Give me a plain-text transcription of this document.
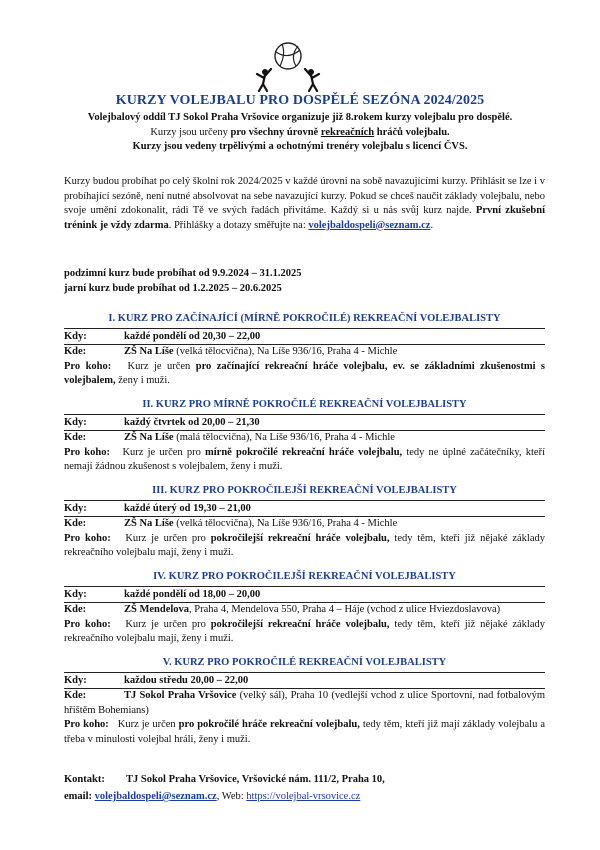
KURZY VOLEJBALU PRO DOSPĚLÉ SEZÓNA 2024/2025
Volejbalový oddíl TJ Sokol Praha Vršovice organizuje již 8.rokem kurzy volejbalu pro dospělé.
Kurzy jsou určeny pro všechny úrovně rekreačních hráčů volejbalu.
Kurzy jsou vedeny trpělivými a ochotnými trenéry volejbalu s licencí ČVS.
Kurzy budou probíhat po celý školní rok 2024/2025 v každé úrovni na sobě navazujícími kurzy. Přihlásit se lze i v probíhající sezóně, není nutné absolvovat na sebe navazující kurzy. Pokud se chceš naučit základy volejbalu, nebo svoje umění zdokonalit, rádi Tě ve svých řadách přivítáme. Každý si u nás svůj kurz najde. První zkušební trénink je vždy zdarma. Přihlášky a dotazy směřujte na: volejbaldospeli@seznam.cz.
podzimní kurz bude probíhat od 9.9.2024 – 31.1.2025
jarní kurz bude probíhat od 1.2.2025 – 20.6.2025
I. KURZ PRO ZAČÍNAJÍCÍ (MÍRNĚ POKROČILÉ) REKREAČNÍ VOLEJBALISTY
Kdy:	každé pondělí od 20,30 – 22,00
Kde:	ZŠ Na Líše (velká tělocvična), Na Líše 936/16, Praha 4 - Michle
Pro koho: Kurz je určen pro začínající rekreační hráče volejbalu, ev. se základními zkušenostmi s volejbalem, ženy i muži.
II. KURZ PRO MÍRNĚ POKROČILÉ REKREAČNÍ VOLEJBALISTY
Kdy:	každý čtvrtek od 20,00 – 21,30
Kde:	ZŠ Na Líše (malá tělocvična), Na Líše 936/16, Praha 4 - Michle
Pro koho: Kurz je určen pro mírně pokročilé rekreační hráče volejbalu, tedy ne úplné začátečníky, kteří nemají žádnou zkušenost s volejbalem, ženy i muži.
III. KURZ PRO POKROČILEJŠÍ REKREAČNÍ VOLEJBALISTY
Kdy:	každé úterý od 19,30 – 21,00
Kde:	ZŠ Na Líše (velká tělocvična), Na Líše 936/16, Praha 4 - Michle
Pro koho: Kurz je určen pro pokročilejší rekreační hráče volejbalu, tedy těm, kteří již nějaké základy rekreačního volejbalu mají, ženy i muži.
IV. KURZ PRO POKROČILEJŠÍ REKREAČNÍ VOLEJBALISTY
Kdy:	každé pondělí od 18,00 – 20,00
Kde:	ZŠ Mendelova, Praha 4, Mendelova 550, Praha 4 – Háje (vchod z ulice Hviezdoslavova)
Pro koho: Kurz je určen pro pokročilejší rekreační hráče volejbalu, tedy těm, kteří již nějaké základy rekreačního volejbalu mají, ženy i muži.
V. KURZ PRO POKROČILÉ REKREAČNÍ VOLEJBALISTY
Kdy:	každou středu 20,00 – 22,00
Kde:	TJ Sokol Praha Vršovice (velký sál), Praha 10 (vedlejší vchod z ulice Sportovní, nad fotbalovým hřištěm Bohemians)
Pro koho: Kurz je určen pro pokročilé hráče rekreační volejbalu, tedy těm, kteří již mají základy volejbalu a třeba v minulosti volejbal hráli, ženy i muži.
Kontakt: TJ Sokol Praha Vršovice, Vršovické nám. 111/2, Praha 10,
email: volejbaldospeli@seznam.cz, Web: https://volejbal-vrsovice.cz
